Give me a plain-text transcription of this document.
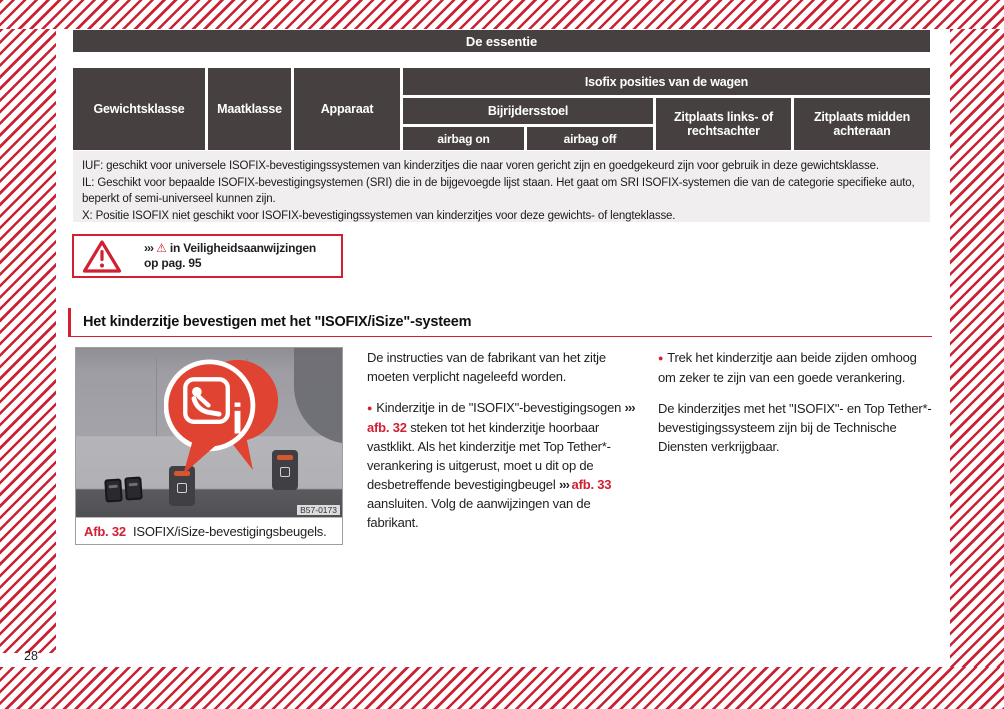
28
De essentie
Gewichtsklasse	Maatklasse	Apparaat
Isofix posities van de wagen
Bijrijdersstoel
airbag on	airbag off
Zitplaats links- of rechtsachter
Zitplaats midden achteraan
IUF: geschikt voor universele ISOFIX-bevestigingssystemen van kinderzitjes die naar voren gericht zijn en goedgekeurd zijn voor gebruik in deze gewichtsklasse.
IL: Geschikt voor bepaalde ISOFIX-bevestigingsystemen (SRI) die in de bijgevoegde lijst staan. Het gaat om SRI ISOFIX-systemen die van de categorie specifieke auto, beperkt of semi-universeel kunnen zijn.
X: Positie ISOFIX niet geschikt voor ISOFIX-bevestigingssystemen van kinderzitjes voor deze gewichts- of lengteklasse.
››› ⚠ in Veiligheidsaanwijzingen op pag. 95
Het kinderzitje bevestigen met het "ISOFIX/iSize"-systeem
i
B57-0173
Afb. 32 ISOFIX/iSize-bevestigingsbeugels.

De instructies van de fabrikant van het zitje moeten verplicht nageleefd worden.

● Kinderzitje in de "ISOFIX"-bevestigingsogen ››› afb. 32 steken tot het kinderzitje hoorbaar vastklikt. Als het kinderzitje met Top Tether*-verankering is uitgerust, moet u dit op de desbetreffende bevestigingbeugel ››› afb. 33 aansluiten. Volg de aanwijzingen van de fabrikant.

● Trek het kinderzitje aan beide zijden omhoog om zeker te zijn van een goede verankering.

De kinderzitjes met het "ISOFIX"- en Top Tether*-bevestigingssysteem zijn bij de Technische Diensten verkrijgbaar.
